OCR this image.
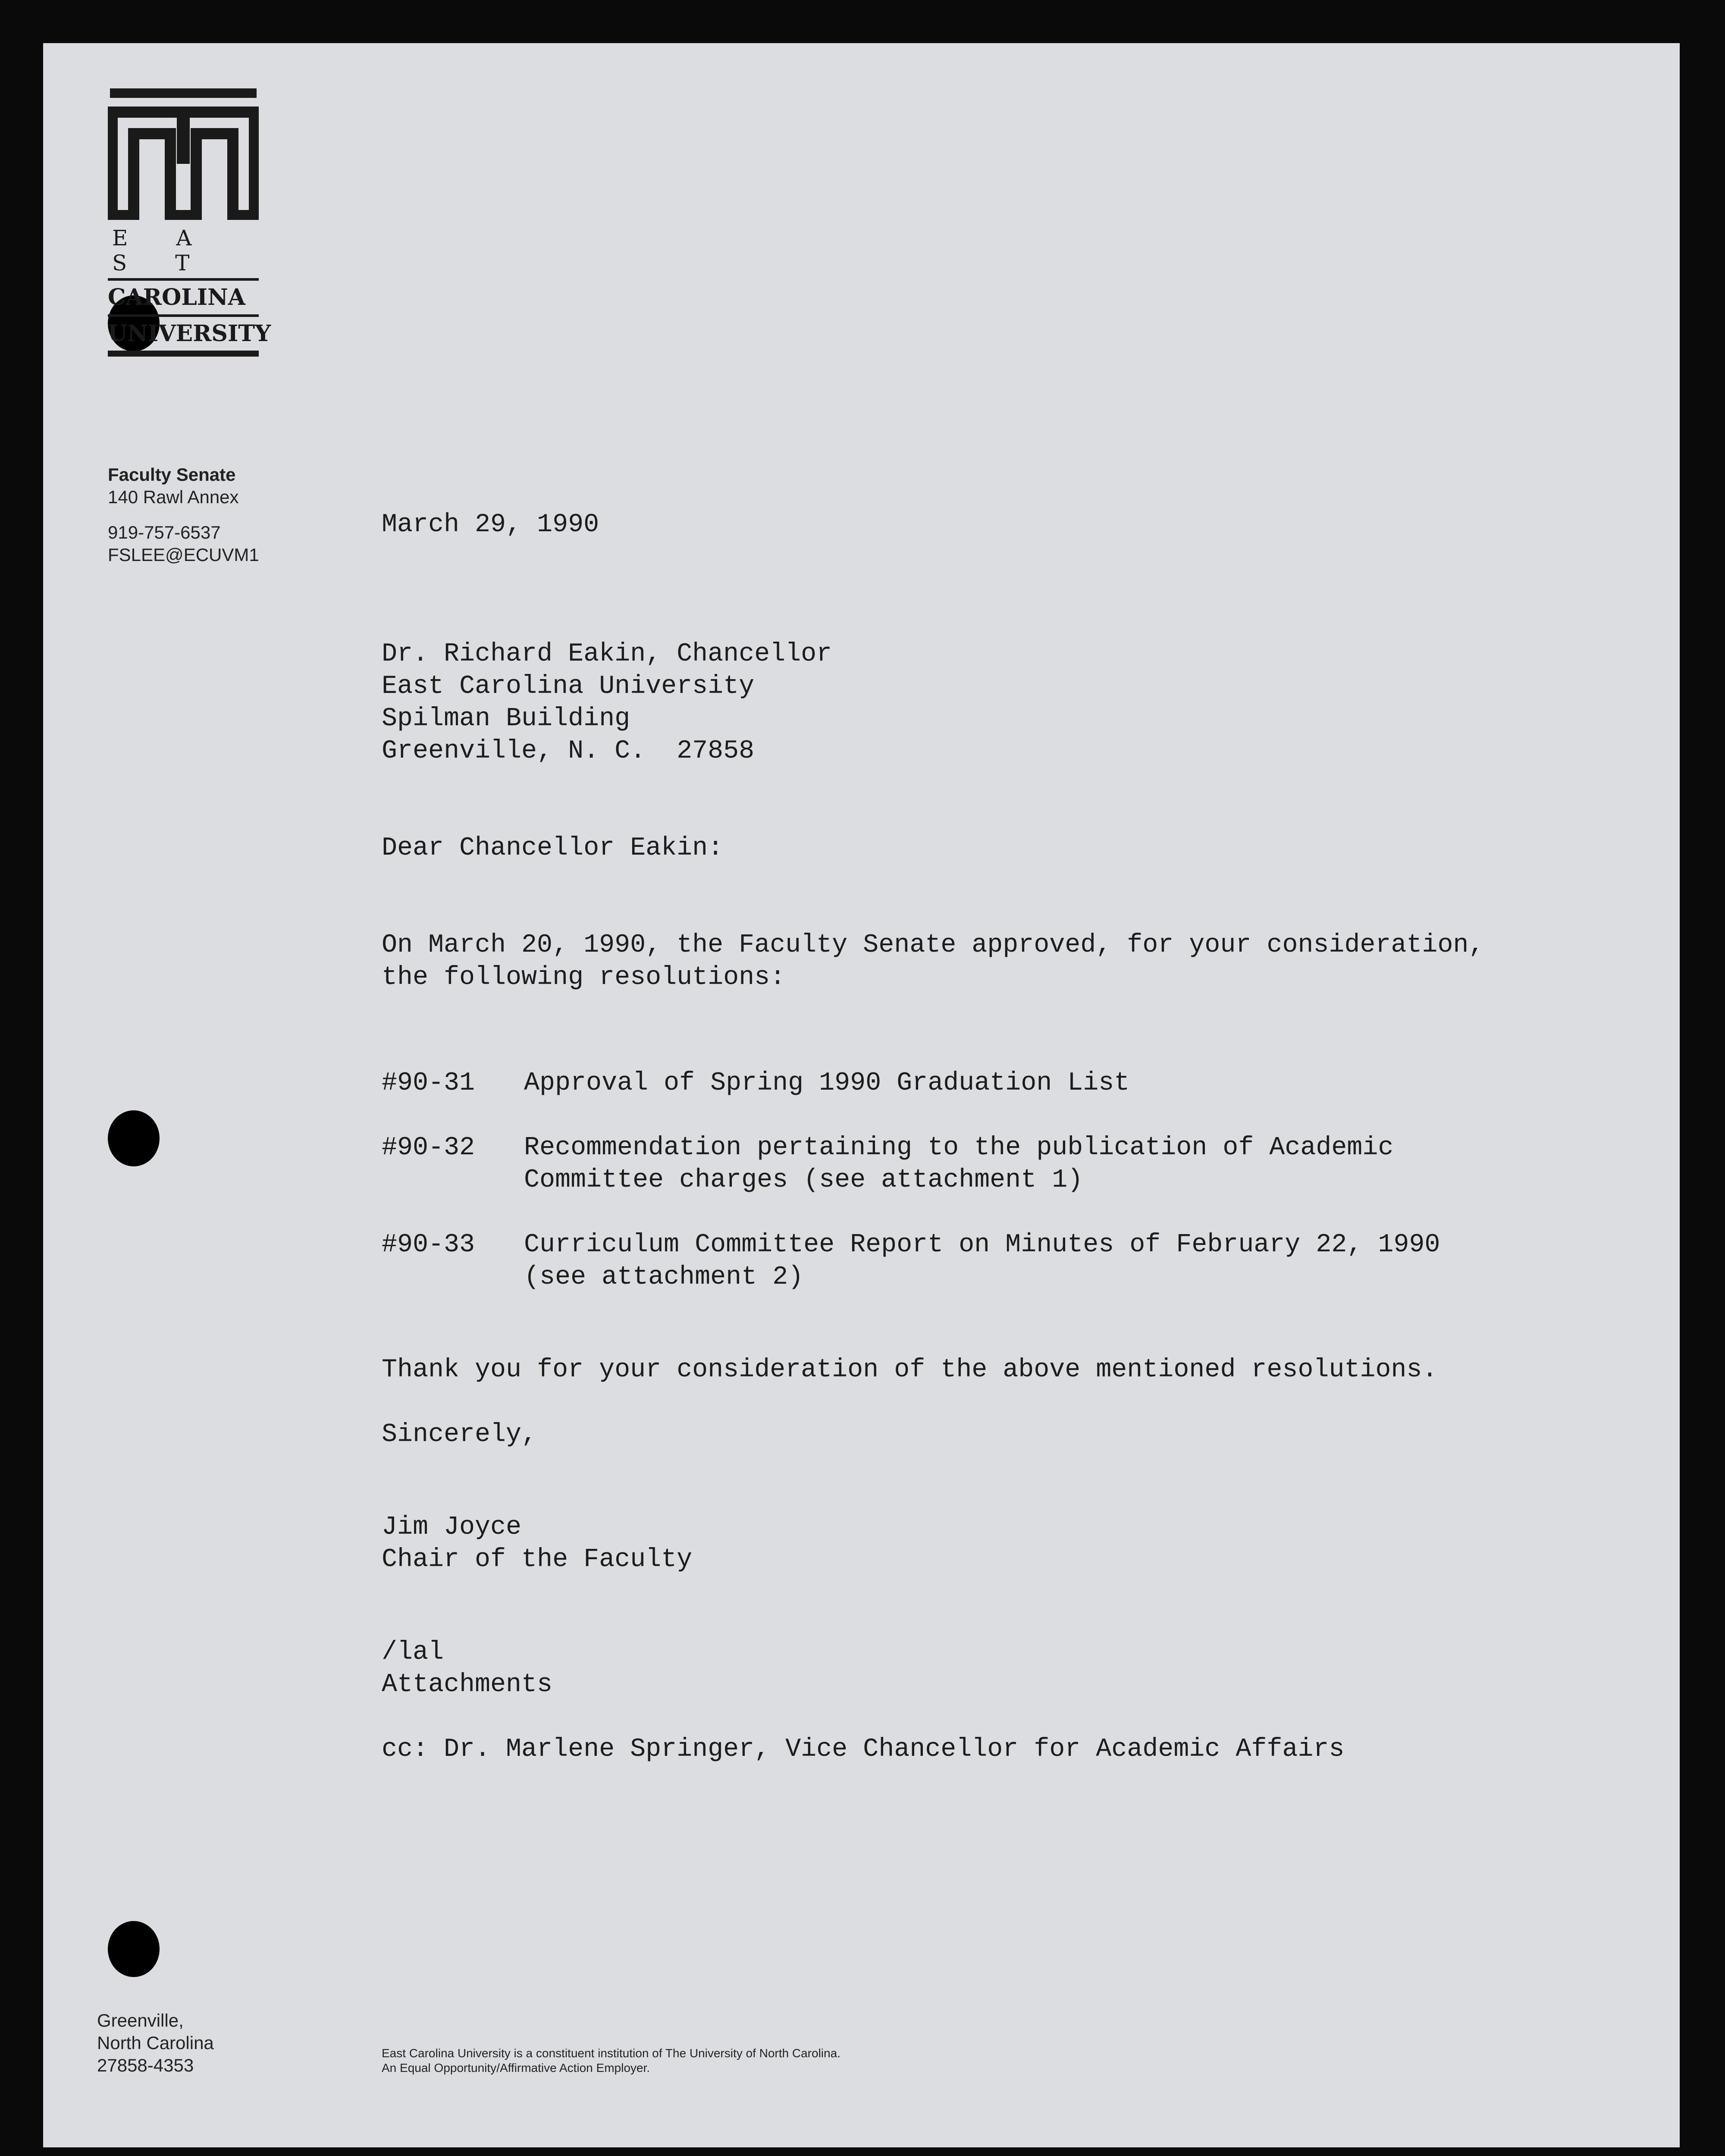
E A S T
CAROLINA
UNIVERSITY
Faculty Senate
140 Rawl Annex
919-757-6537
FSLEE@ECUVM1
March 29, 1990
Dr. Richard Eakin, Chancellor
East Carolina University
Spilman Building
Greenville, N. C.  27858
Dear Chancellor Eakin:
On March 20, 1990, the Faculty Senate approved, for your consideration,
the following resolutions:
#90-31	Approval of Spring 1990 Graduation List
#90-32	Recommendation pertaining to the publication of Academic
Committee charges (see attachment 1)
#90-33	Curriculum Committee Report on Minutes of February 22, 1990
(see attachment 2)
Thank you for your consideration of the above mentioned resolutions.
Sincerely,
Jim Joyce
Chair of the Faculty
/lal
Attachments
cc: Dr. Marlene Springer, Vice Chancellor for Academic Affairs
Greenville,
North Carolina
27858-4353
East Carolina University is a constituent institution of The University of North Carolina.
An Equal Opportunity/Affirmative Action Employer.
